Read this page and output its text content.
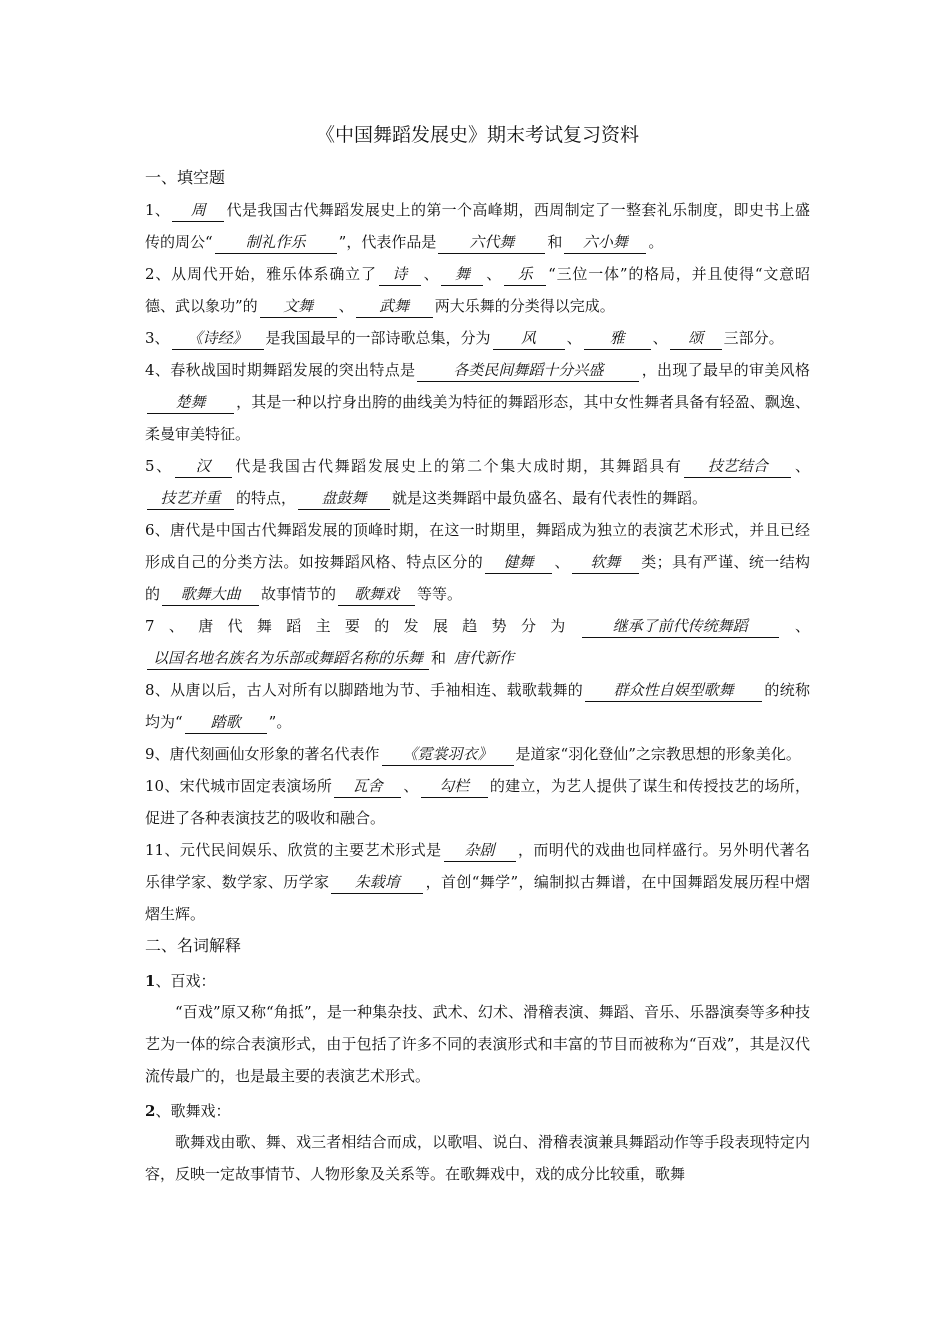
《中国舞蹈发展史》期末考试复习资料
一、填空题

1、 周 代是我国古代舞蹈发展史上的第一个高峰期，西周制定了一整套礼乐制度，即史书上盛传的周公“ 制礼作乐 ”，代表作品是 六代舞 和 六小舞 。

2、从周代开始，雅乐体系确立了 诗 、 舞 、 乐 “三位一体”的格局，并且使得“文意昭德、武以象功”的 文舞 、 武舞 两大乐舞的分类得以完成。

3、 《诗经》 是我国最早的一部诗歌总集，分为 风 、 雅 、 颂 三部分。

4、春秋战国时期舞蹈发展的突出特点是	各类民间舞蹈十分兴盛	，出现了最早的审美风格楚舞 ，其是一种以拧身出胯的曲线美为特征的舞蹈形态，其中女性舞者具备有轻盈、飘逸、柔曼审美特征。

5、 汉 代是我国古代舞蹈发展史上的第二个集大成时期，其舞蹈具有 技艺结合 、技艺并重 的特点， 盘鼓舞 就是这类舞蹈中最负盛名、最有代表性的舞蹈。

6、唐代是中国古代舞蹈发展的顶峰时期，在这一时期里，舞蹈成为独立的表演艺术形式，并且已经形成自己的分类方法。如按舞蹈风格、特点区分的 健舞 、 软舞 类；具有严谨、统一结构的 歌舞大曲 故事情节的 歌舞戏 等等。

7、唐代舞蹈主要的发展趋势分为 继承了前代传统舞蹈 、以国名地名族名为乐部或舞蹈名称的乐舞 和 唐代新作

8、从唐以后，古人对所有以脚踏地为节、手袖相连、载歌载舞的 群众性自娱型歌舞 的统称均为“ 踏歌 ”。

9、唐代刻画仙女形象的著名代表作 《霓裳羽衣》 是道家“羽化登仙”之宗教思想的形象美化。

10、宋代城市固定表演场所 瓦舍 、 勾栏 的建立，为艺人提供了谋生和传授技艺的场所，促进了各种表演技艺的吸收和融合。

11、元代民间娱乐、欣赏的主要艺术形式是 杂剧 ，而明代的戏曲也同样盛行。另外明代著名乐律学家、数学家、历学家 朱载堉 ，首创“舞学”，编制拟古舞谱，在中国舞蹈发展历程中熠熠生辉。

二、名词解释

1、百戏：

“百戏”原又称“角抵”，是一种集杂技、武术、幻术、滑稽表演、舞蹈、音乐、乐器演奏等多种技艺为一体的综合表演形式，由于包括了许多不同的表演形式和丰富的节目而被称为“百戏”，其是汉代流传最广的，也是最主要的表演艺术形式。

2、歌舞戏：

歌舞戏由歌、舞、戏三者相结合而成，以歌唱、说白、滑稽表演兼具舞蹈动作等手段表现特定内容，反映一定故事情节、人物形象及关系等。在歌舞戏中，戏的成分比较重，歌舞
